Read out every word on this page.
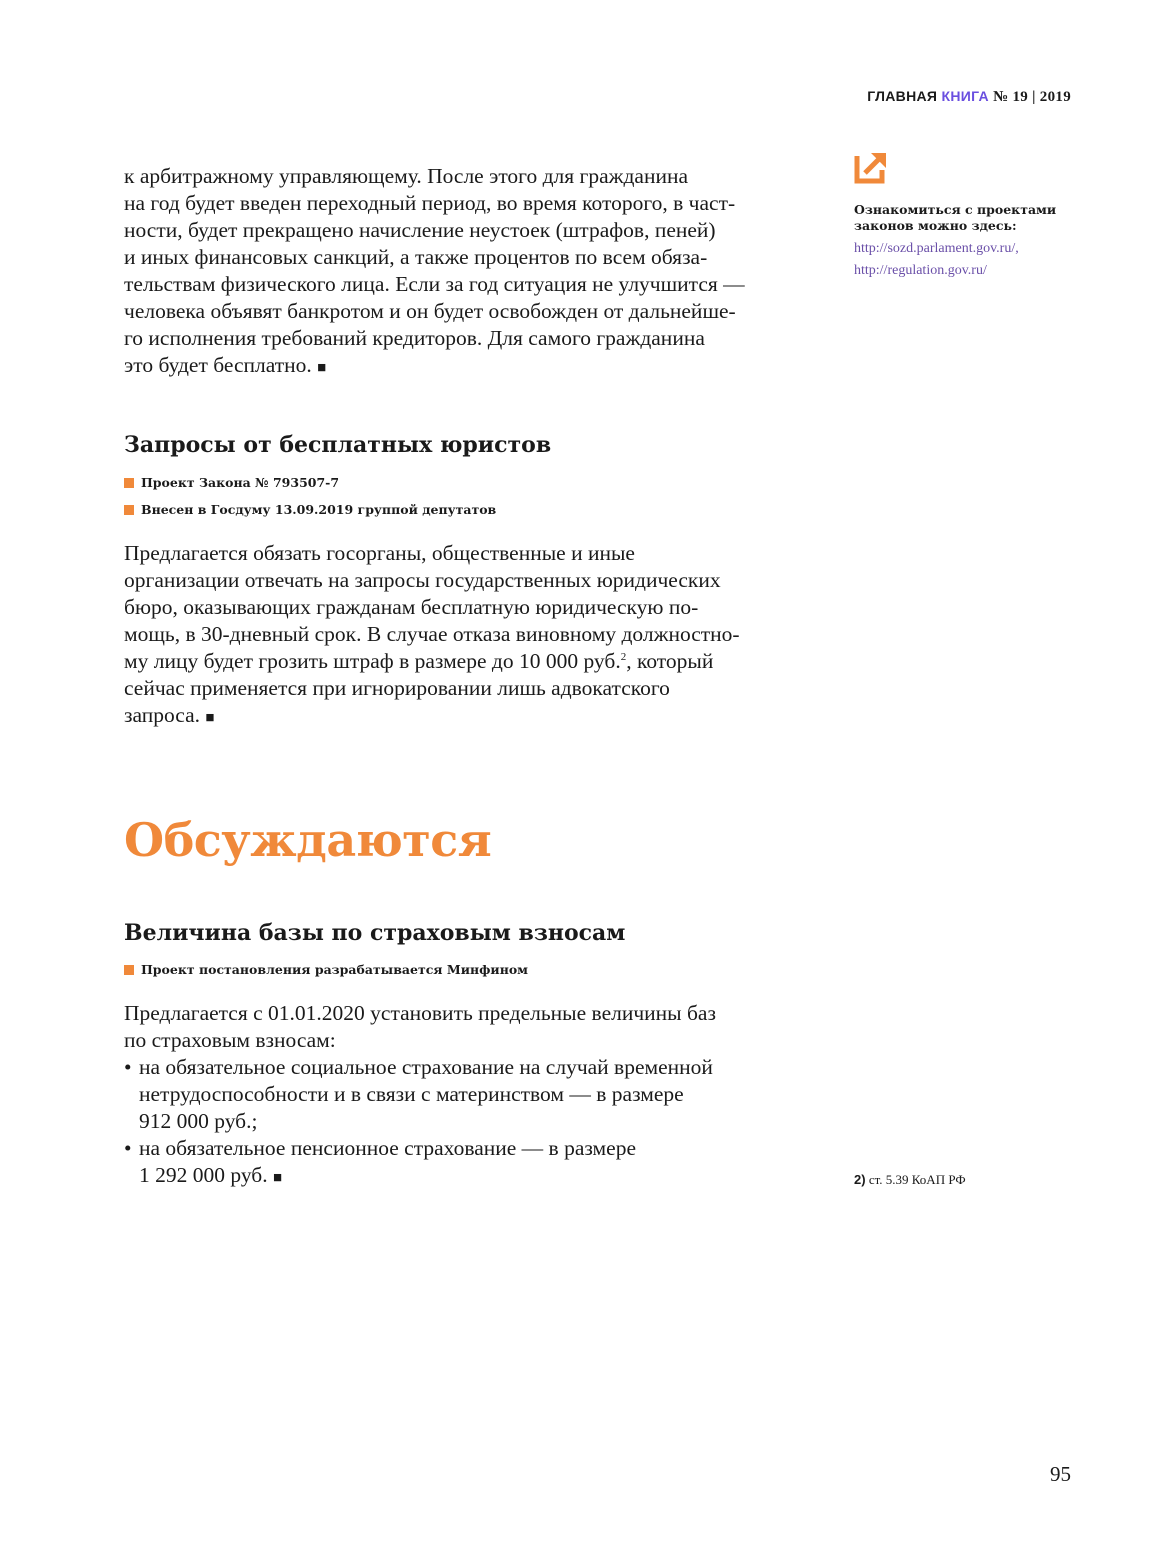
ГЛАВНАЯ КНИГА № 19 | 2019

к арбитражному управляющему. После этого для гражданина
на год будет введен переходный период, во время которого, в част-
ности, будет прекращено начисление неустоек (штрафов, пеней)
и иных финансовых санкций, а также процентов по всем обяза-
тельствам физического лица. Если за год ситуация не улучшится —
человека объявят банкротом и он будет освобожден от дальнейше-
го исполнения требований кредиторов. Для самого гражданина
это будет бесплатно. ■

Запросы от бесплатных юристов

Проект Закона № 793507-7

Внесен в Госдуму 13.09.2019 группой депутатов

Предлагается обязать госорганы, общественные и иные
организации отвечать на запросы государственных юридических
бюро, оказывающих гражданам бесплатную юридическую по-
мощь, в 30-дневный срок. В случае отказа виновному должностно-
му лицу будет грозить штраф в размере до 10 000 руб.$^2$, который
сейчас применяется при игнорировании лишь адвокатского
запроса. ■

Обсуждаются
Величина базы по страховым взносам

Проект постановления разрабатывается Минфином

Предлагается с 01.01.2020 установить предельные величины баз
по страховым взносам:

• на обязательное социальное страхование на случай временной
нетрудоспособности и в связи с материнством — в размере
912 000 руб.;
• на обязательное пенсионное страхование — в размере
1 292 000 руб. ■

Ознакомиться с проектами законов можно здесь:

http://sozd.parlament.gov.ru/,
http://regulation.gov.ru/
2) ст. 5.39 КоАП РФ
95
